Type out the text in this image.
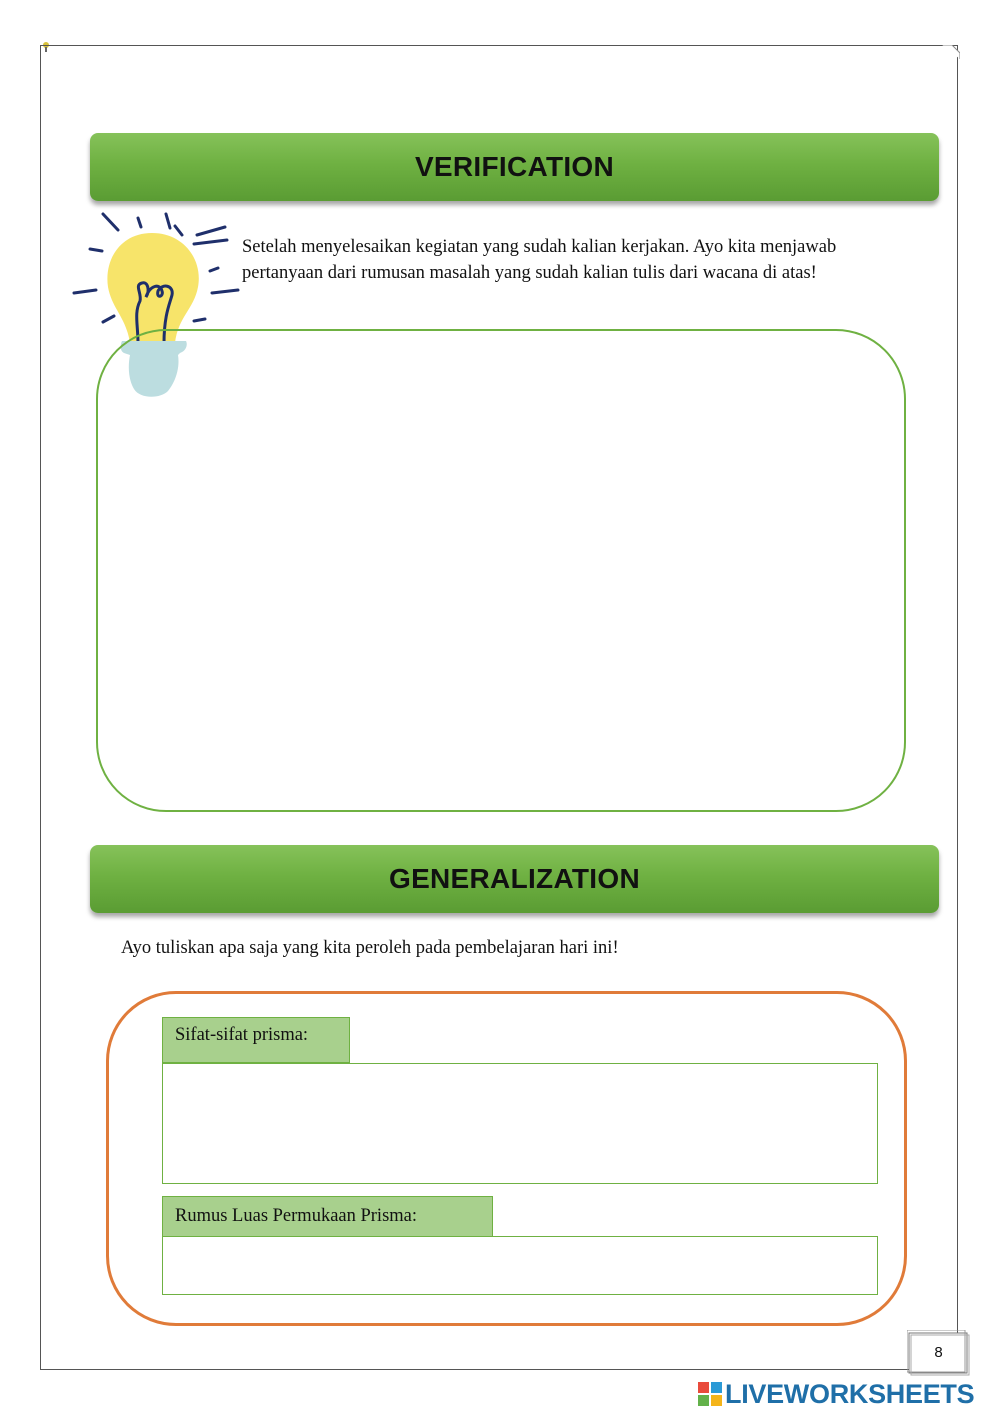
VERIFICATION
Setelah menyelesaikan kegiatan yang sudah kalian kerjakan. Ayo kita menjawab pertanyaan dari rumusan masalah yang sudah kalian tulis dari wacana di atas!
GENERALIZATION
Ayo tuliskan apa saja yang kita peroleh pada pembelajaran hari ini!
Sifat-sifat prisma:
Rumus Luas Permukaan Prisma:
8
LIVEWORKSHEETS
